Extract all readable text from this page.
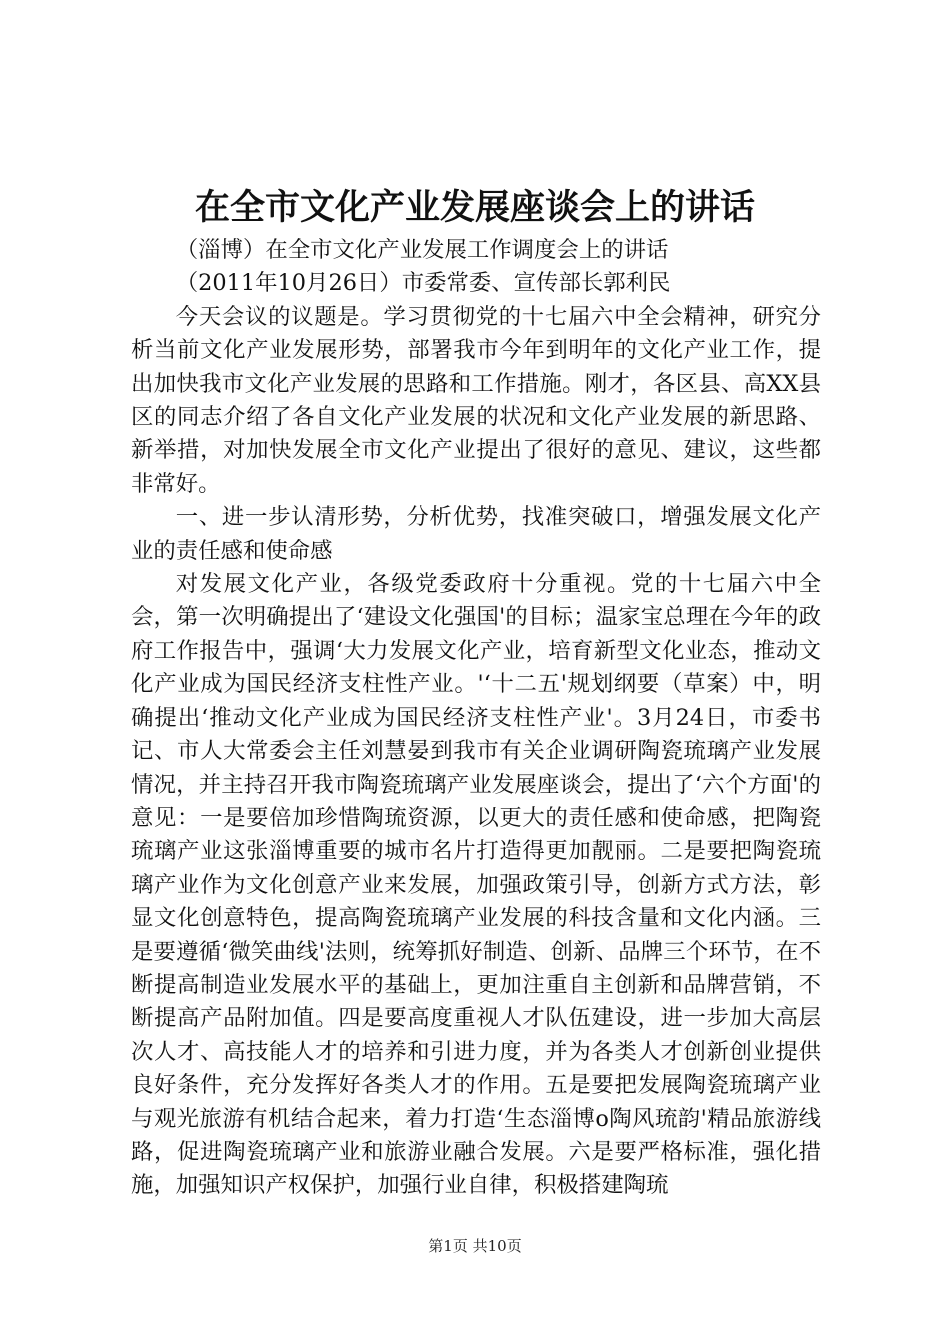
在全市文化产业发展座谈会上的讲话

（淄博）在全市文化产业发展工作调度会上的讲话

（2011年10月26日）市委常委、宣传部长郭利民

今天会议的议题是。学习贯彻党的十七届六中全会精神，研究分析当前文化产业发展形势，部署我市今年到明年的文化产业工作，提出加快我市文化产业发展的思路和工作措施。刚才，各区县、高XX县区的同志介绍了各自文化产业发展的状况和文化产业发展的新思路、新举措，对加快发展全市文化产业提出了很好的意见、建议，这些都非常好。

一、进一步认清形势，分析优势，找准突破口，增强发展文化产业的责任感和使命感

对发展文化产业，各级党委政府十分重视。党的十七届六中全会，第一次明确提出了‘建设文化强国'的目标；温家宝总理在今年的政府工作报告中，强调‘大力发展文化产业，培育新型文化业态，推动文化产业成为国民经济支柱性产业。'‘十二五'规划纲要（草案）中，明确提出‘推动文化产业成为国民经济支柱性产业'。3月24日，市委书记、市人大常委会主任刘慧晏到我市有关企业调研陶瓷琉璃产业发展情况，并主持召开我市陶瓷琉璃产业发展座谈会，提出了‘六个方面'的意见：一是要倍加珍惜陶琉资源，以更大的责任感和使命感，把陶瓷琉璃产业这张淄博重要的城市名片打造得更加靓丽。二是要把陶瓷琉璃产业作为文化创意产业来发展，加强政策引导，创新方式方法，彰显文化创意特色，提高陶瓷琉璃产业发展的科技含量和文化内涵。三是要遵循‘微笑曲线'法则，统筹抓好制造、创新、品牌三个环节，在不断提高制造业发展水平的基础上，更加注重自主创新和品牌营销，不断提高产品附加值。四是要高度重视人才队伍建设，进一步加大高层次人才、高技能人才的培养和引进力度，并为各类人才创新创业提供良好条件，充分发挥好各类人才的作用。五是要把发展陶瓷琉璃产业与观光旅游有机结合起来，着力打造‘生态淄博o陶风琉韵'精品旅游线路，促进陶瓷琉璃产业和旅游业融合发展。六是要严格标准，强化措施，加强知识产权保护，加强行业自律，积极搭建陶琉

第1页 共10页
